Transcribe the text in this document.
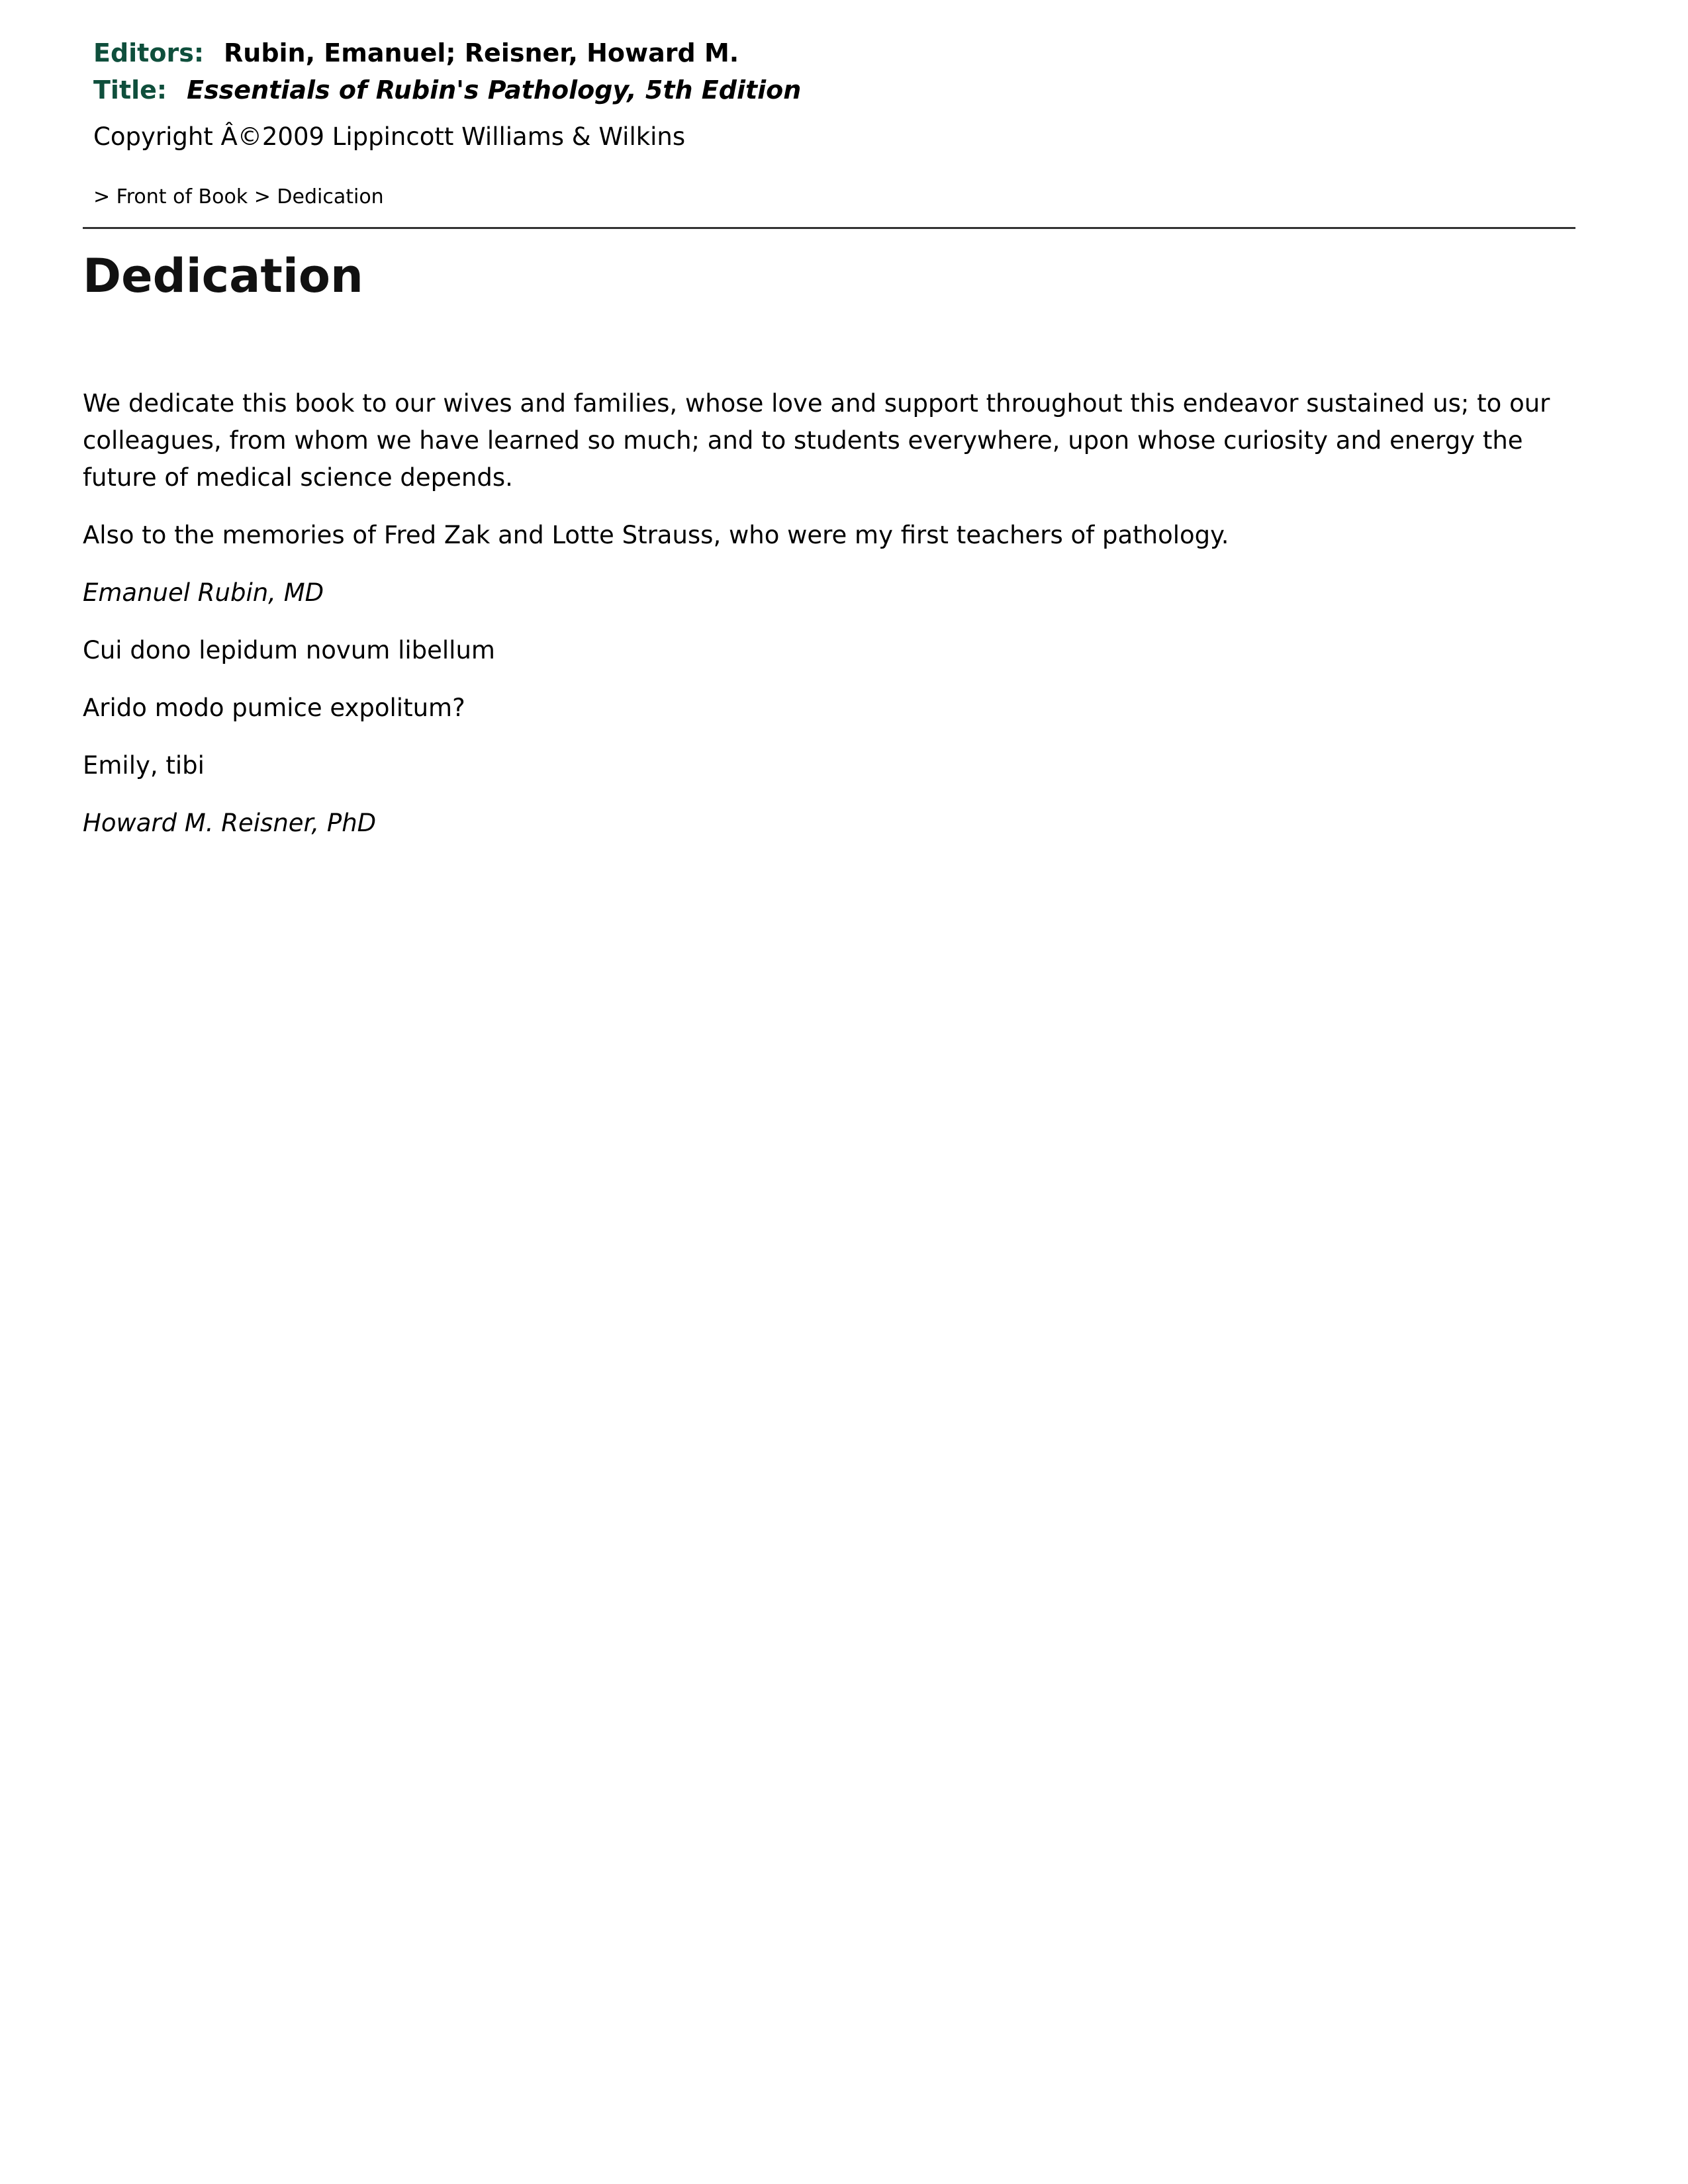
Editors: Rubin, Emanuel; Reisner, Howard M.
Title: Essentials of Rubin's Pathology, 5th Edition
Copyright Â©2009 Lippincott Williams & Wilkins
> Front of Book > Dedication
Dedication

We dedicate this book to our wives and families, whose love and support throughout this endeavor sustained us; to our colleagues, from whom we have learned so much; and to students everywhere, upon whose curiosity and energy the future of medical science depends.

Also to the memories of Fred Zak and Lotte Strauss, who were my first teachers of pathology.

Emanuel Rubin, MD

Cui dono lepidum novum libellum

Arido modo pumice expolitum?

Emily, tibi

Howard M. Reisner, PhD
